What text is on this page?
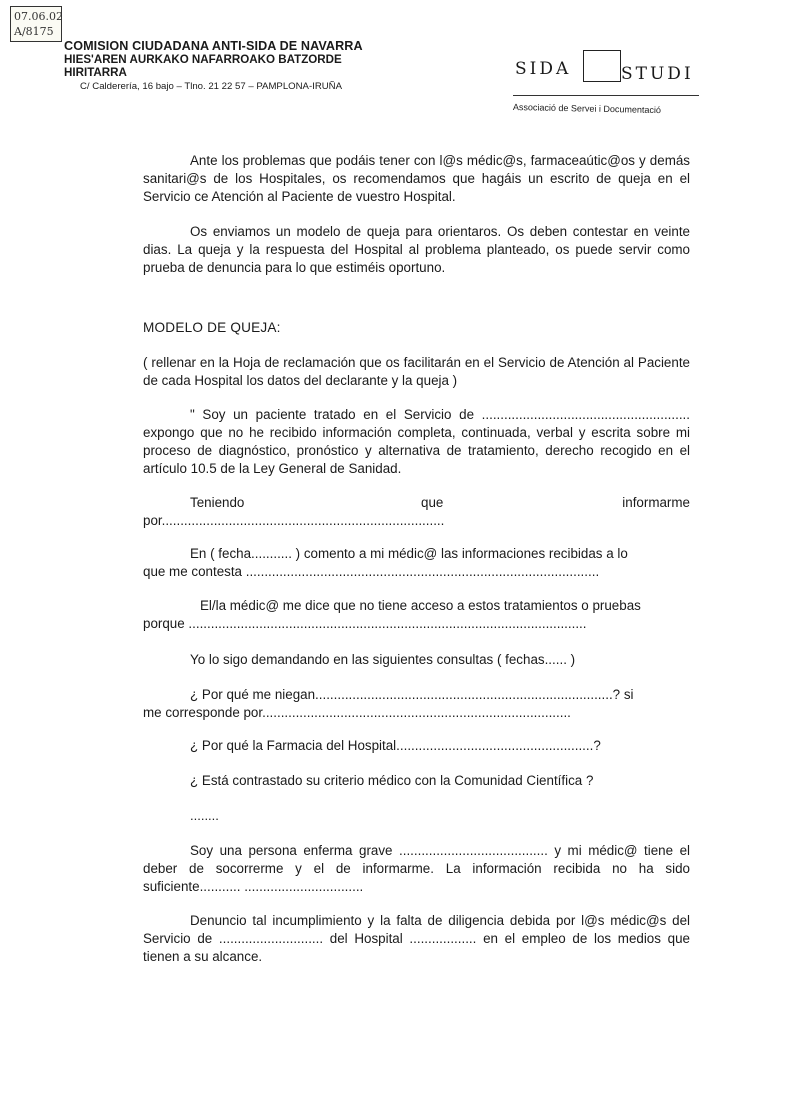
07.06.02
A/8175
COMISION CIUDADANA ANTI-SIDA DE NAVARRA
HIES'AREN AURKAKO NAFARROAKO BATZORDE HIRITARRA
C/ Calderería, 16 bajo – Tlno. 21 22 57 – PAMPLONA-IRUÑA
SIDA	STUDI
Associació de Servei i Documentació

Ante los problemas que podáis tener con l@s médic@s, farmaceaútic@os y demás sanitari@s de los Hospitales, os recomendamos que hagáis un escrito de queja en el Servicio ce Atención al Paciente de vuestro Hospital.

Os enviamos un modelo de queja para orientaros. Os deben contestar en veinte dias. La queja y la respuesta del Hospital al problema planteado, os puede servir como prueba de denuncia para lo que estiméis oportuno.

MODELO DE QUEJA:

( rellenar en la Hoja de reclamación que os facilitarán en el Servicio de Atención al Paciente de cada Hospital los datos del declarante y la queja )

" Soy un paciente tratado en el Servicio de ........................................................ expongo que no he recibido información completa, continuada, verbal y escrita sobre mi proceso de diagnóstico, pronóstico y alternativa de tratamiento, derecho recogido en el artículo 10.5 de la Ley General de Sanidad.

Teniendo	que	informarme
por............................................................................
En ( fecha........... ) comento a mi médic@ las informaciones recibidas a lo
que me contesta ...............................................................................................
El/la médic@ me dice que no tiene acceso a estos tratamientos o pruebas
porque ...........................................................................................................
Yo lo sigo demandando en las siguientes consultas ( fechas...... )
¿ Por qué me niegan................................................................................? si
me corresponde por...................................................................................
¿ Por qué la Farmacia del Hospital.....................................................?
¿ Está contrastado su criterio médico con la Comunidad Científica ?
........

Soy una persona enferma grave ........................................ y mi médic@ tiene el deber de socorrerme y el de informarme. La información recibida no ha sido suficiente........... ................................

Denuncio tal incumplimiento y la falta de diligencia debida por l@s médic@s del Servicio de ............................ del Hospital .................. en el empleo de los medios que tienen a su alcance.
